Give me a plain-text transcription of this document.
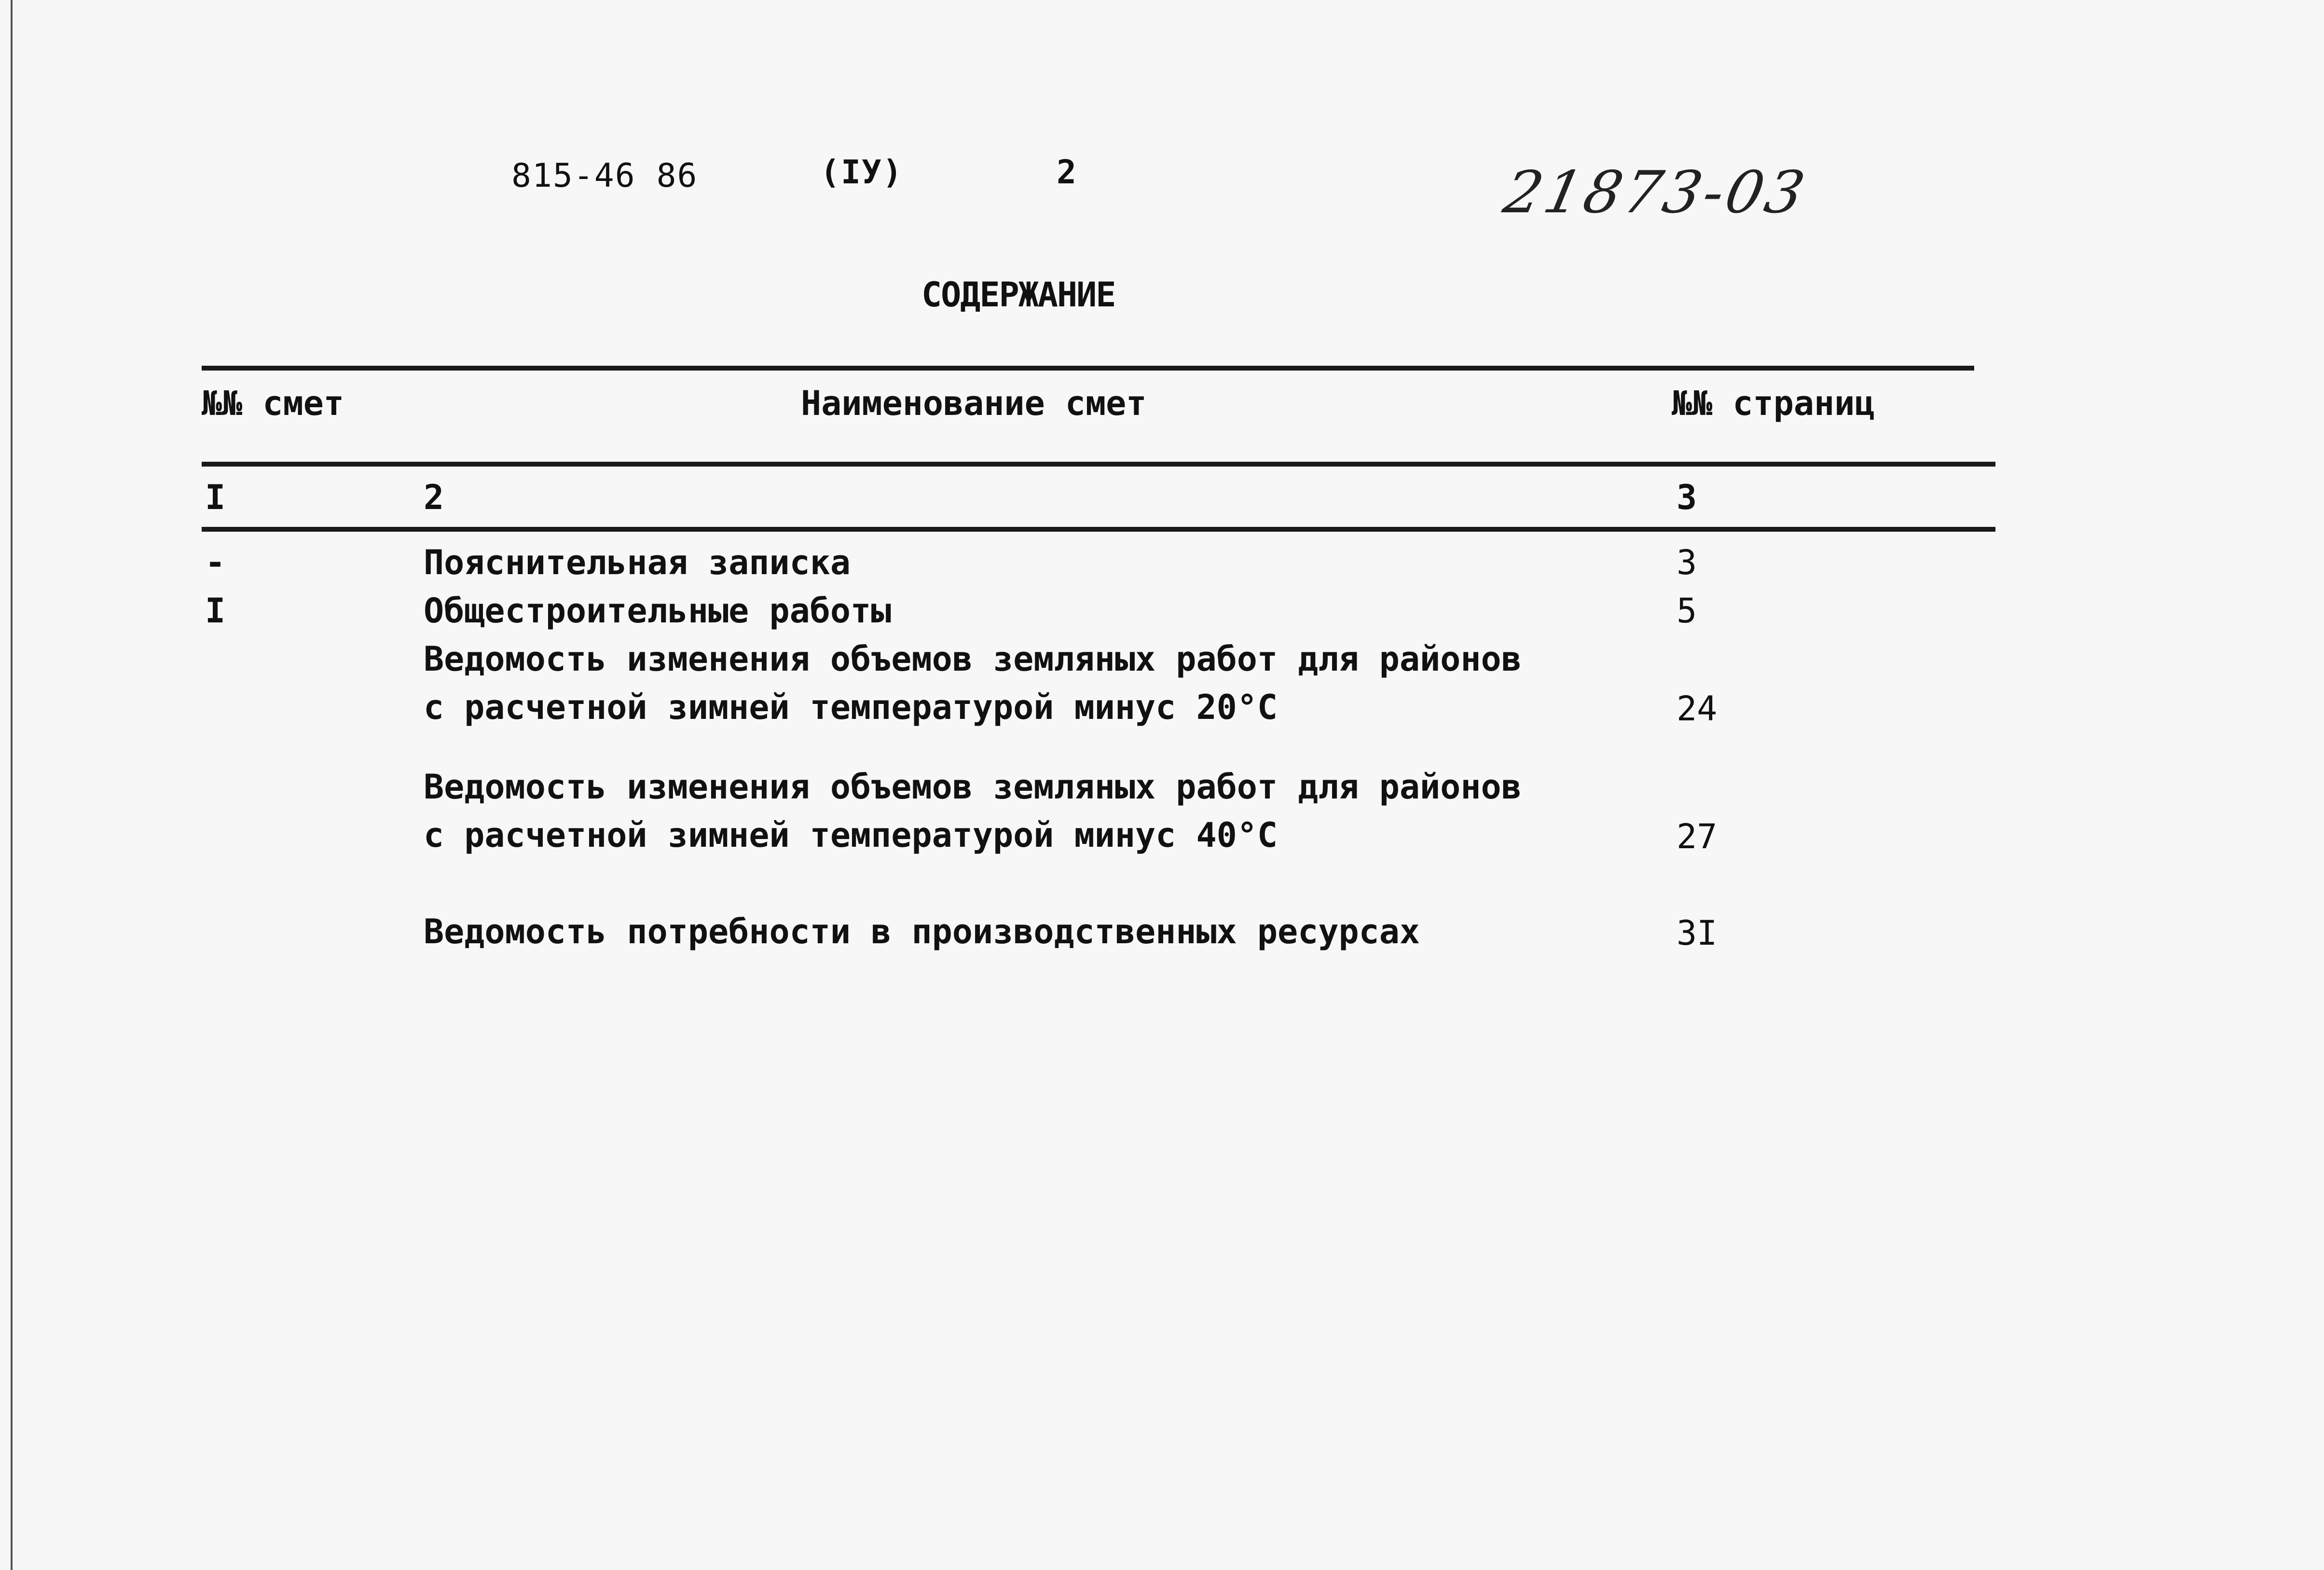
815-46 86	(IУ)	2	21873-03
СОДЕРЖАНИЕ
№№ смет	Наименование смет	№№ страниц
I	2	3
-	Пояснительная записка	3
I	Общестроительные работы	5
Ведомость изменения объемов земляных работ для районов
с расчетной зимней температурой минус 20°C	24
Ведомость изменения объемов земляных работ для районов
с расчетной зимней температурой минус 40°C	27
Ведомость потребности в производственных ресурсах	3I
